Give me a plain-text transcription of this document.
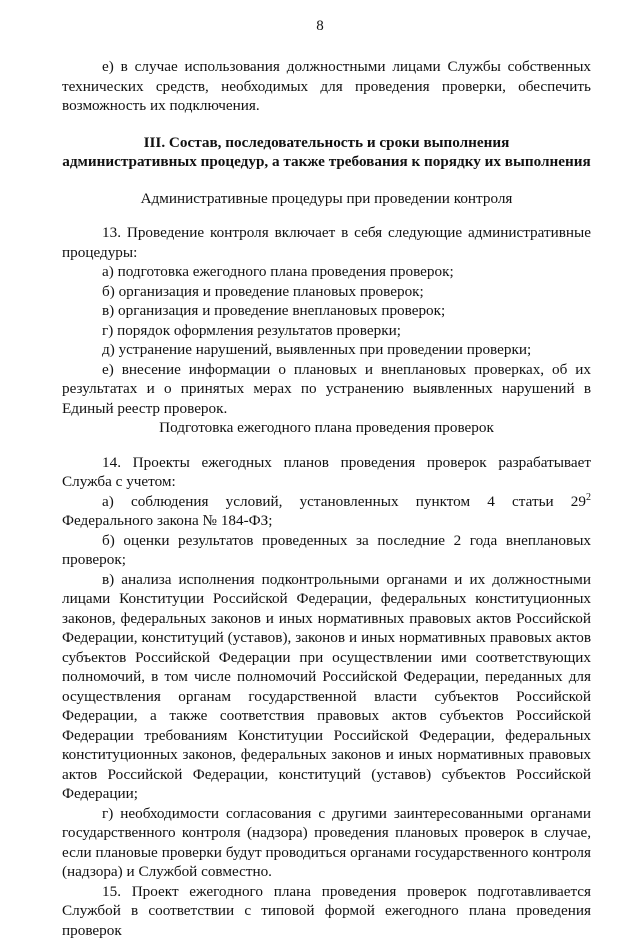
8

е) в случае использования должностными лицами Службы собственных технических средств, необходимых для проведения проверки, обеспечить возможность их подключения.

III. Состав, последовательность и сроки выполнения
административных процедур, а также требования к порядку их выполнения

Административные процедуры при проведении контроля

13. Проведение контроля включает в себя следующие административные процедуры:

а) подготовка ежегодного плана проведения проверок;

б) организация и проведение плановых проверок;

в) организация и проведение внеплановых проверок;

г) порядок оформления результатов проверки;

д) устранение нарушений, выявленных при проведении проверки;

е) внесение информации о плановых и внеплановых проверках, об их результатах и о принятых мерах по устранению выявленных нарушений в Единый реестр проверок.

Подготовка ежегодного плана проведения проверок

14. Проекты ежегодных планов проведения проверок разрабатывает Служба с учетом:

а) соблюдения условий, установленных пунктом 4 статьи $29^2$ Федерального закона № 184-ФЗ;

б) оценки результатов проведенных за последние 2 года внеплановых проверок;

в) анализа исполнения подконтрольными органами и их должностными лицами Конституции Российской Федерации, федеральных конституционных законов, федеральных законов и иных нормативных правовых актов Российской Федерации, конституций (уставов), законов и иных нормативных правовых актов субъектов Российской Федерации при осуществлении ими соответствующих полномочий, в том числе полномочий Российской Федерации, переданных для осуществления органам государственной власти субъектов Российской Федерации, а также соответствия правовых актов субъектов Российской Федерации требованиям Конституции Российской Федерации, федеральных конституционных законов, федеральных законов и иных нормативных правовых актов Российской Федерации, конституций (уставов) субъектов Российской Федерации;

г) необходимости согласования с другими заинтересованными органами государственного контроля (надзора) проведения плановых проверок в случае, если плановые проверки будут проводиться органами государственного контроля (надзора) и Службой совместно.

15. Проект ежегодного плана проведения проверок подготавливается Службой в соответствии с типовой формой ежегодного плана проведения проверок
